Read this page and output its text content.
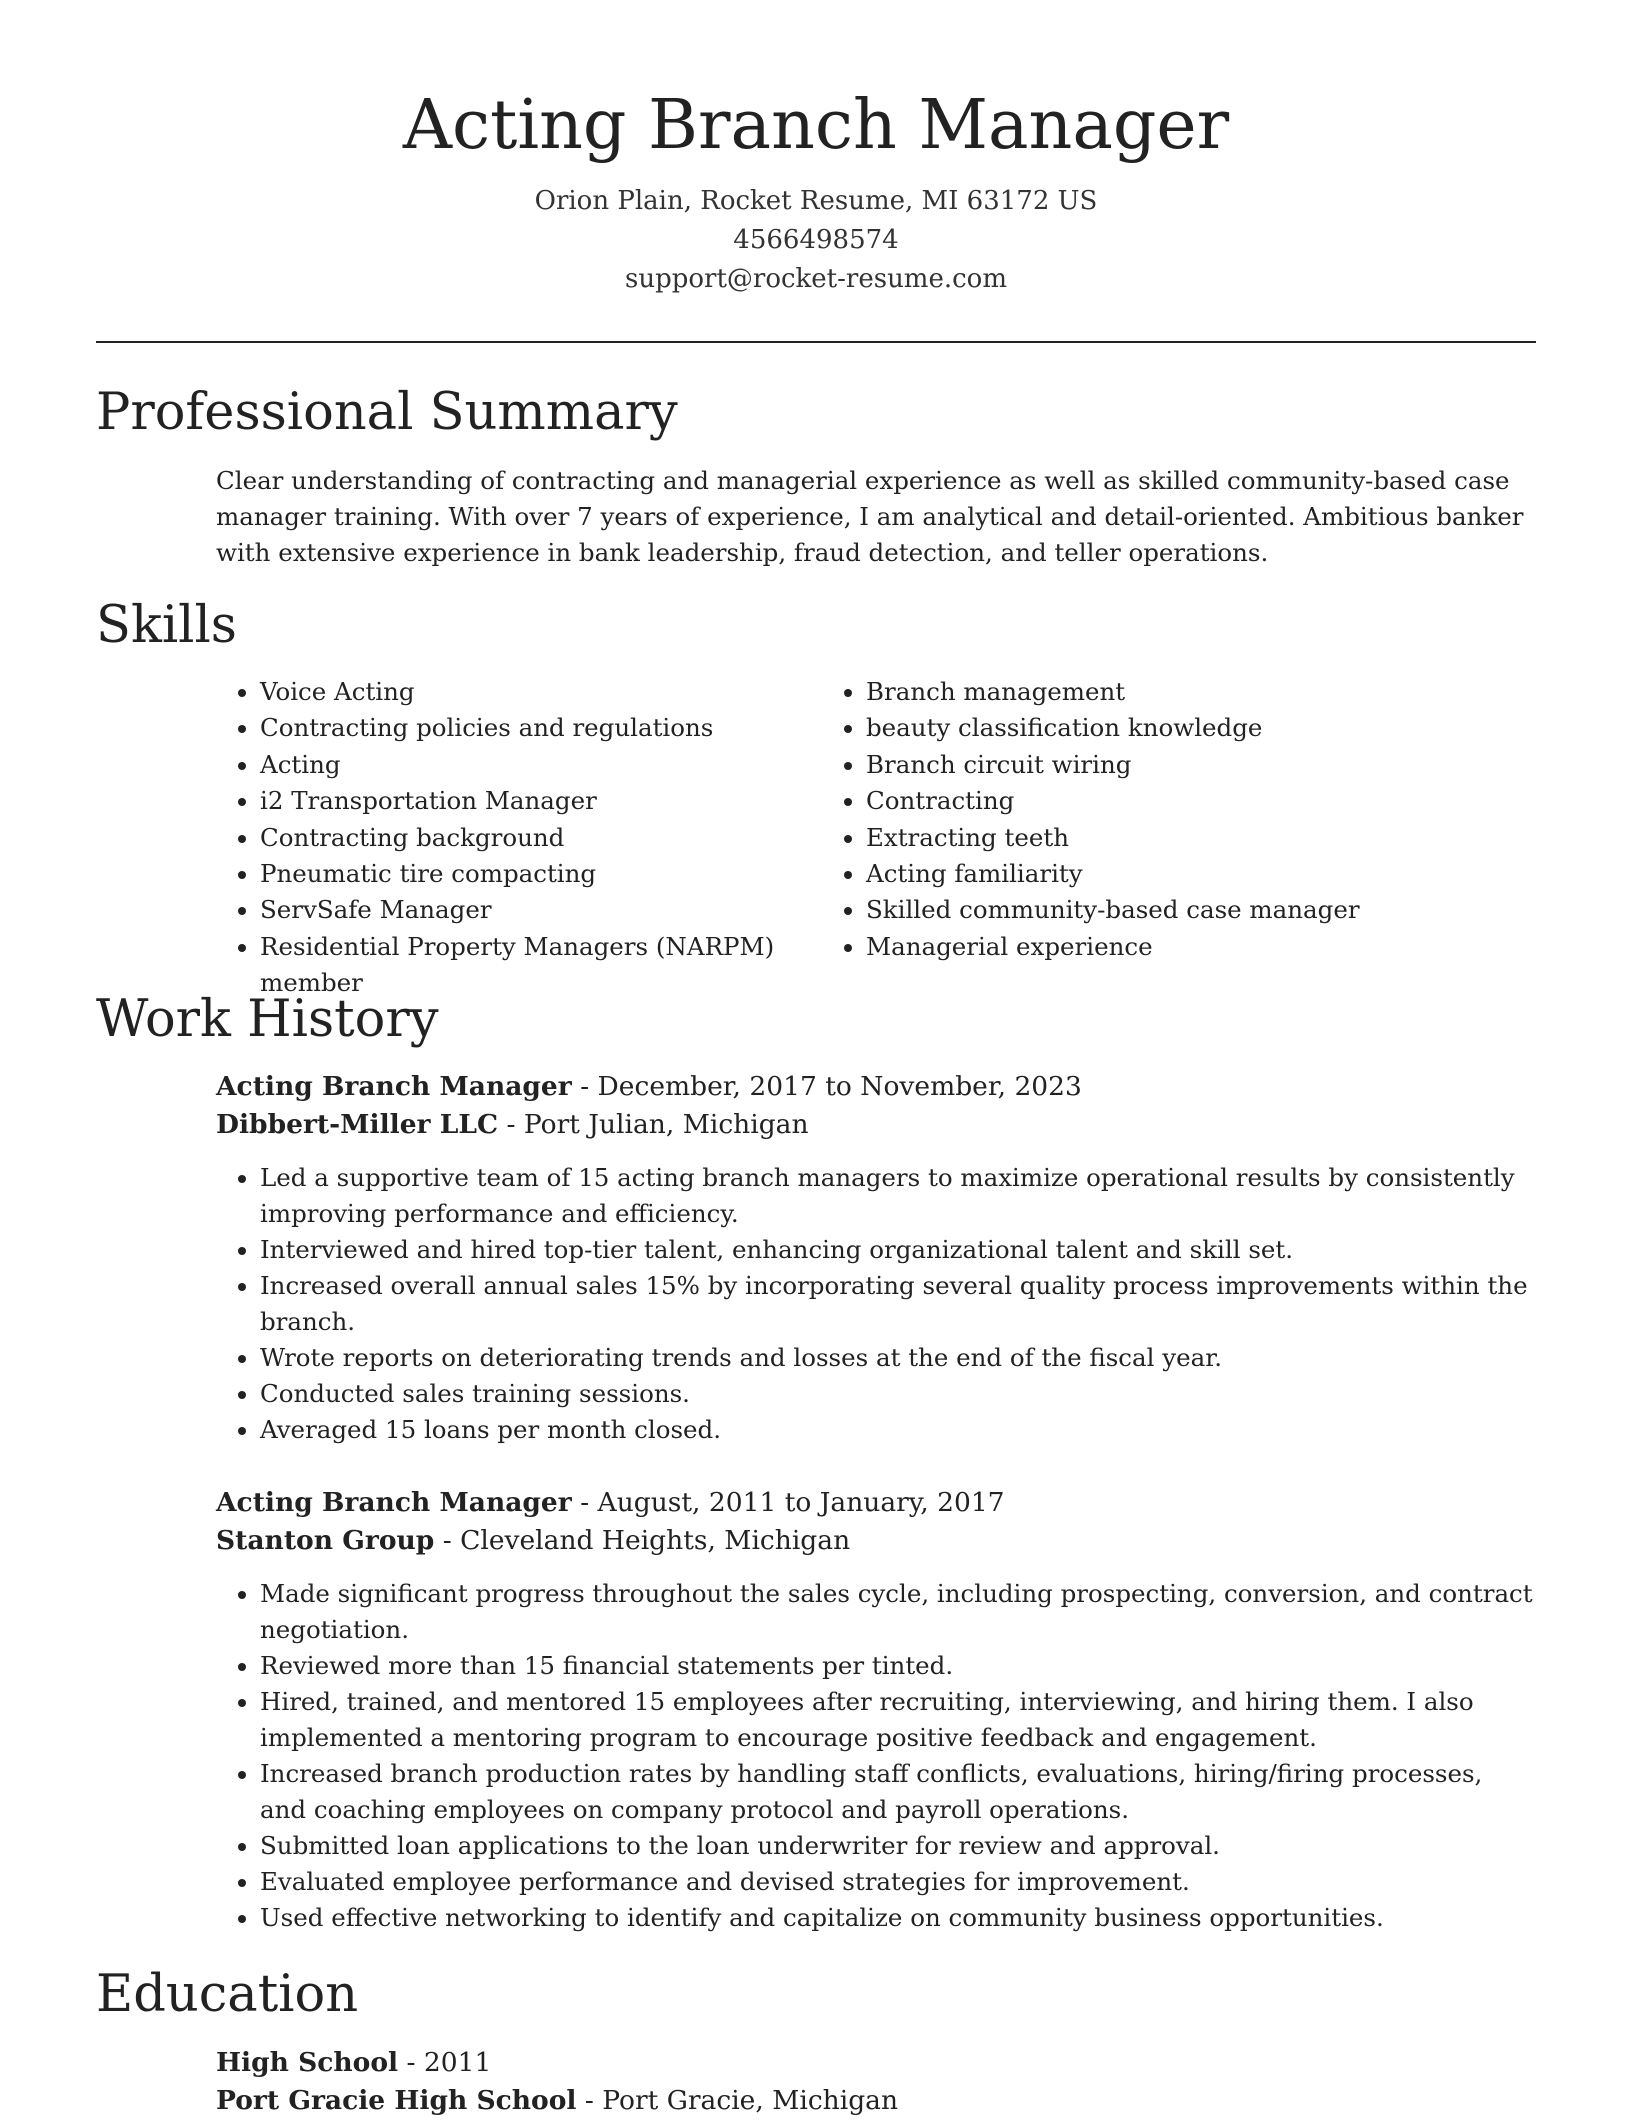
Acting Branch Manager
Orion Plain, Rocket Resume, MI 63172 US
4566498574
support@rocket-resume.com
Professional Summary

Clear understanding of contracting and managerial experience as well as skilled community-based case manager training. With over 7 years of experience, I am analytical and detail-oriented. Ambitious banker with extensive experience in bank leadership, fraud detection, and teller operations.

Skills
• Voice Acting
• Contracting policies and regulations
• Acting
• i2 Transportation Manager
• Contracting background
• Pneumatic tire compacting
• ServSafe Manager
• Residential Property Managers (NARPM) member
• Branch management
• beauty classification knowledge
• Branch circuit wiring
• Contracting
• Extracting teeth
• Acting familiarity
• Skilled community-based case manager
• Managerial experience
Work History

Acting Branch Manager - December, 2017 to November, 2023

Dibbert-Miller LLC - Port Julian, Michigan

• Led a supportive team of 15 acting branch managers to maximize operational results by consistently improving performance and efficiency.
• Interviewed and hired top-tier talent, enhancing organizational talent and skill set.
• Increased overall annual sales 15% by incorporating several quality process improvements within the branch.
• Wrote reports on deteriorating trends and losses at the end of the fiscal year.
• Conducted sales training sessions.
• Averaged 15 loans per month closed.

Acting Branch Manager - August, 2011 to January, 2017

Stanton Group - Cleveland Heights, Michigan

• Made significant progress throughout the sales cycle, including prospecting, conversion, and contract negotiation.
• Reviewed more than 15 financial statements per tinted.
• Hired, trained, and mentored 15 employees after recruiting, interviewing, and hiring them. I also implemented a mentoring program to encourage positive feedback and engagement.
• Increased branch production rates by handling staff conflicts, evaluations, hiring/firing processes, and coaching employees on company protocol and payroll operations.
• Submitted loan applications to the loan underwriter for review and approval.
• Evaluated employee performance and devised strategies for improvement.
• Used effective networking to identify and capitalize on community business opportunities.
Education

High School - 2011

Port Gracie High School - Port Gracie, Michigan
